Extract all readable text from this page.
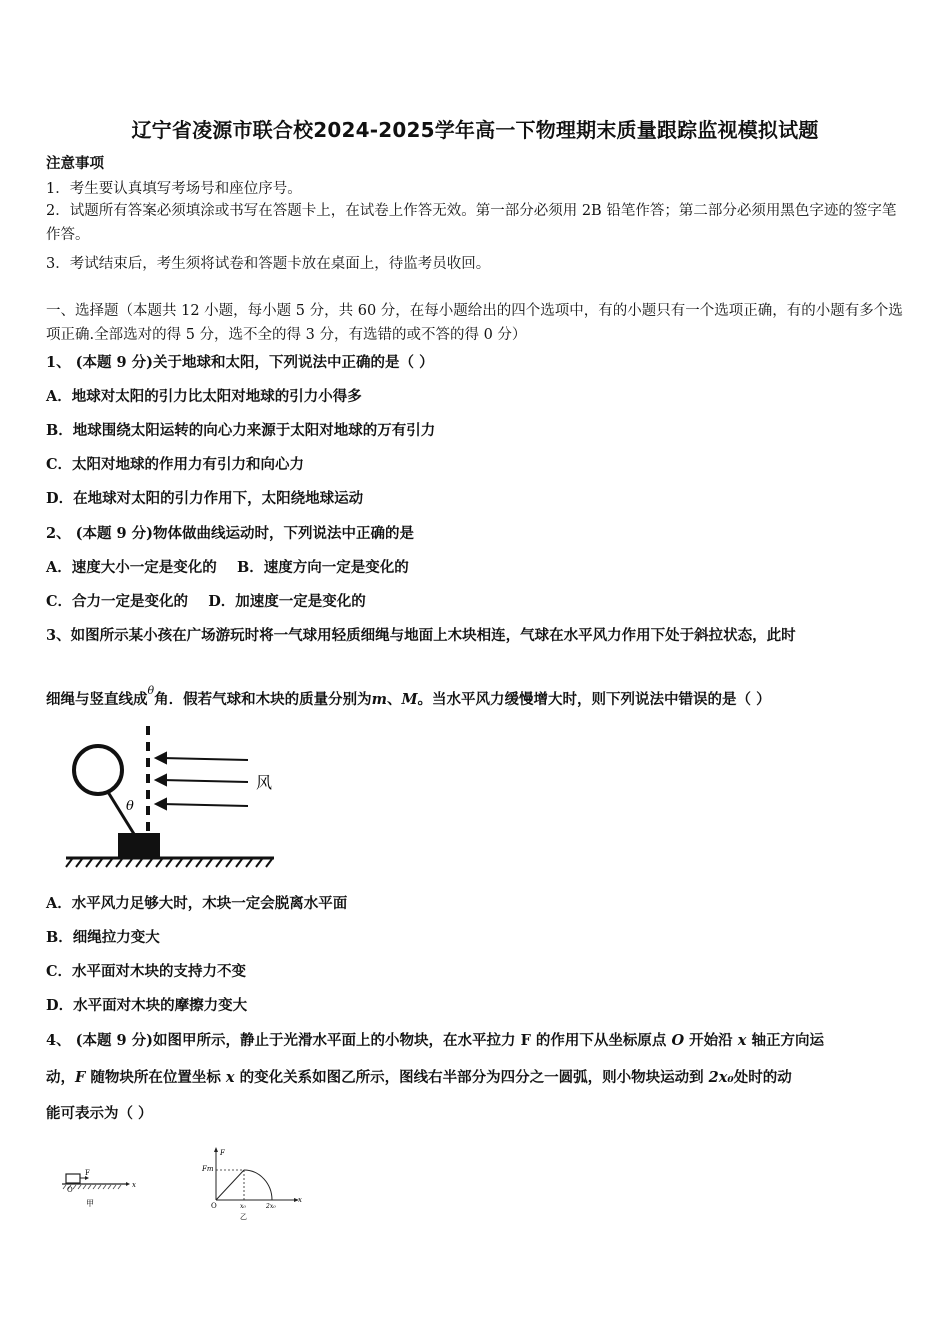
辽宁省凌源市联合校2024-2025学年高一下物理期末质量跟踪监视模拟试题
注意事项
1．考生要认真填写考场号和座位序号。
2．试题所有答案必须填涂或书写在答题卡上，在试卷上作答无效。第一部分必须用 2B 铅笔作答；第二部分必须用黑色字迹的签字笔作答。
3．考试结束后，考生须将试卷和答题卡放在桌面上，待监考员收回。
一、选择题（本题共 12 小题，每小题 5 分，共 60 分，在每小题给出的四个选项中，有的小题只有一个选项正确，有的小题有多个选项正确.全部选对的得 5 分，选不全的得 3 分，有选错的或不答的得 0 分）
1、 (本题 9 分)关于地球和太阳，下列说法中正确的是（ ）
A．地球对太阳的引力比太阳对地球的引力小得多
B．地球围绕太阳运转的向心力来源于太阳对地球的万有引力
C．太阳对地球的作用力有引力和向心力
D．在地球对太阳的引力作用下，太阳绕地球运动
2、 (本题 9 分)物体做曲线运动时，下列说法中正确的是
A．速度大小一定是变化的    B．速度方向一定是变化的
C．合力一定是变化的    D．加速度一定是变化的
3、如图所示某小孩在广场游玩时将一气球用轻质细绳与地面上木块相连，气球在水平风力作用下处于斜拉状态，此时
细绳与竖直线成$^\theta$角．假若气球和木块的质量分别为m、M。当水平风力缓慢增大时，则下列说法中错误的是（ ）
风
θ
A．水平风力足够大时，木块一定会脱离水平面
B．细绳拉力变大
C．水平面对木块的支持力不变
D．水平面对木块的摩擦力变大
4、 (本题 9 分)如图甲所示，静止于光滑水平面上的小物块，在水平拉力 F 的作用下从坐标原点 O 开始沿 x 轴正方向运
动，F 随物块所在位置坐标 x 的变化关系如图乙所示，图线右半部分为四分之一圆弧，则小物块运动到 2x₀处时的动
能可表示为（ ）
F
O
x
甲
F
Fm
O	x₀	2x₀
x
乙
